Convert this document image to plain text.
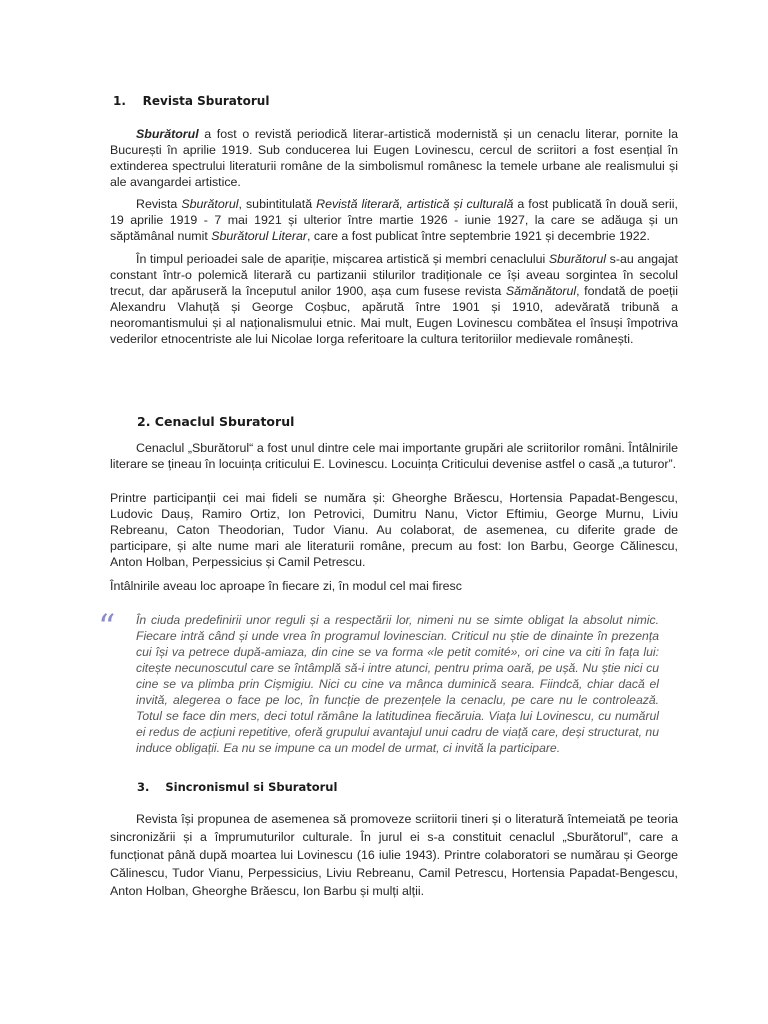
1. Revista Sburatorul

Sburătorul a fost o revistă periodică literar-artistică modernistă și un cenaclu literar, pornite la București în aprilie 1919. Sub conducerea lui Eugen Lovinescu, cercul de scriitori a fost esențial în extinderea spectrului literaturii române de la simbolismul românesc la temele urbane ale realismului și ale avangardei artistice.

Revista Sburătorul, subintitulată Revistă literară, artistică și culturală a fost publicată în două serii, 19 aprilie 1919 - 7 mai 1921 și ulterior între martie 1926 - iunie 1927, la care se adăuga și un săptămânal numit Sburătorul Literar, care a fost publicat între septembrie 1921 și decembrie 1922.

În timpul perioadei sale de apariție, mișcarea artistică și membri cenaclului Sburătorul s-au angajat constant într-o polemică literară cu partizanii stilurilor tradiționale ce își aveau sorgintea în secolul trecut, dar apăruseră la începutul anilor 1900, așa cum fusese revista Sămănătorul, fondată de poeții Alexandru Vlahuță și George Coșbuc, apărută între 1901 și 1910, adevărată tribună a neoromantismului și al naționalismului etnic. Mai mult, Eugen Lovinescu combătea el însuși împotriva vederilor etnocentriste ale lui Nicolae Iorga referitoare la cultura teritoriilor medievale românești.

2. Cenaclul Sburatorul

Cenaclul „Sburătorul“ a fost unul dintre cele mai importante grupări ale scriitorilor români. Întâlnirile literare se țineau în locuința criticului E. Lovinescu. Locuința Criticului devenise astfel o casă „a tuturor”.

Printre participanții cei mai fideli se număra și: Gheorghe Brăescu, Hortensia Papadat-Bengescu, Ludovic Dauș, Ramiro Ortiz, Ion Petrovici, Dumitru Nanu, Victor Eftimiu, George Murnu, Liviu Rebreanu, Caton Theodorian, Tudor Vianu. Au colaborat, de asemenea, cu diferite grade de participare, și alte nume mari ale literaturii române, precum au fost: Ion Barbu, George Călinescu, Anton Holban, Perpessicius și Camil Petrescu.

Întâlnirile aveau loc aproape în fiecare zi, în modul cel mai firesc

“ În ciuda predefinirii unor reguli și a respectării lor, nimeni nu se simte obligat la absolut nimic. Fiecare intră când și unde vrea în programul lovinescian. Criticul nu știe de dinainte în prezența cui își va petrece după-amiaza, din cine se va forma «le petit comité», ori cine va citi în fața lui: citește necunoscutul care se întâmplă să-i intre atunci, pentru prima oară, pe ușă. Nu știe nici cu cine se va plimba prin Cișmigiu. Nici cu cine va mânca duminică seara. Fiindcă, chiar dacă el invită, alegerea o face pe loc, în funcție de prezențele la cenaclu, pe care nu le controlează. Totul se face din mers, deci totul rămâne la latitudinea fiecăruia. Viața lui Lovinescu, cu numărul ei redus de acțiuni repetitive, oferă grupului avantajul unui cadru de viață care, deși structurat, nu induce obligații. Ea nu se impune ca un model de urmat, ci invită la participare.

3. Sincronismul si Sburatorul

Revista își propunea de asemenea să promoveze scriitorii tineri și o literatură întemeiată pe teoria sincronizării și a împrumuturilor culturale. În jurul ei s-a constituit cenaclul „Sburătorul”, care a funcționat până după moartea lui Lovinescu (16 iulie 1943). Printre colaboratori se numărau și George Călinescu, Tudor Vianu, Perpessicius, Liviu Rebreanu, Camil Petrescu, Hortensia Papadat-Bengescu, Anton Holban, Gheorghe Brăescu, Ion Barbu și mulți alții.
